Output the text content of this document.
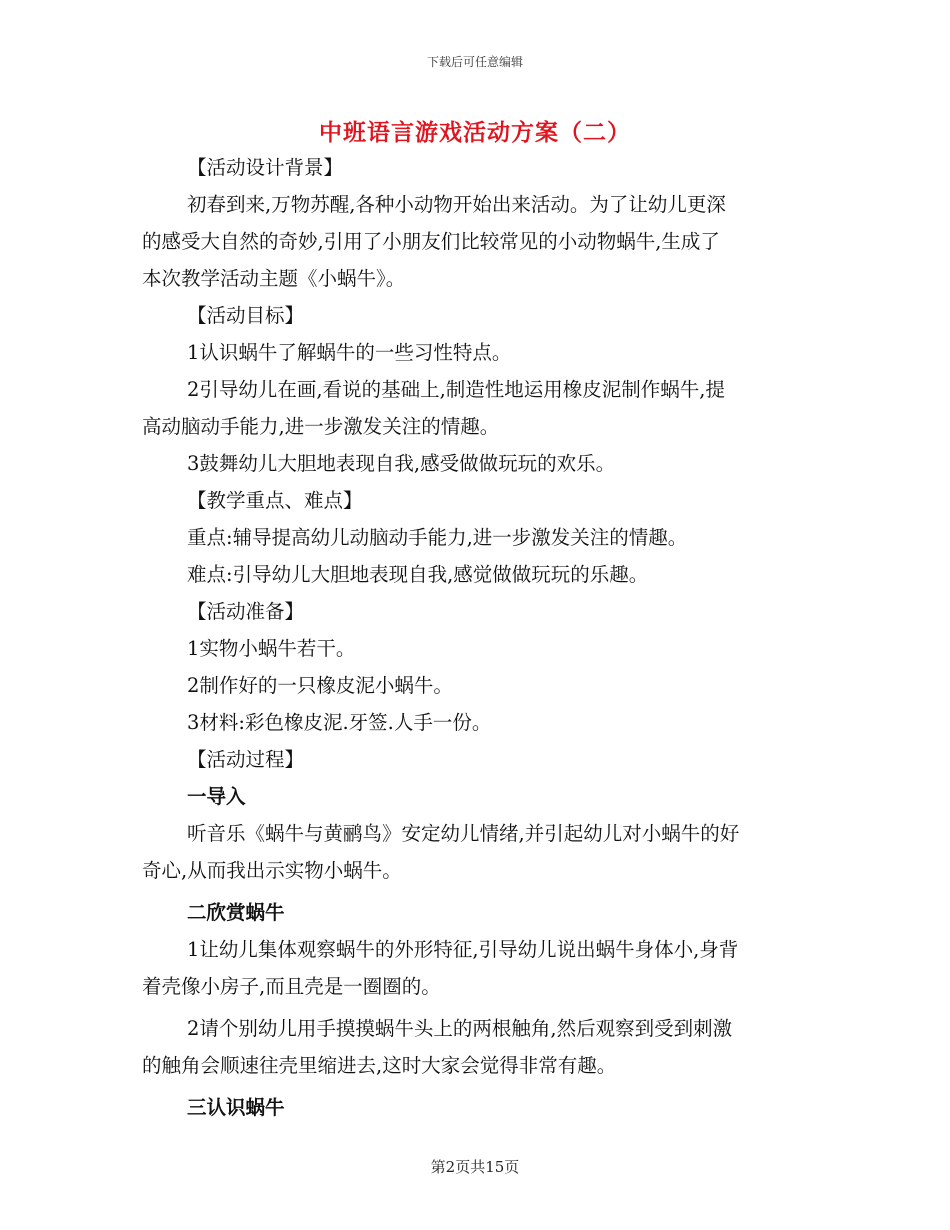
下载后可任意编辑
中班语言游戏活动方案（二）
【活动设计背景】
初春到来,万物苏醒,各种小动物开始出来活动。为了让幼儿更深
的感受大自然的奇妙,引用了小朋友们比较常见的小动物蜗牛,生成了
本次教学活动主题《小蜗牛》。
【活动目标】
1认识蜗牛了解蜗牛的一些习性特点。
2引导幼儿在画,看说的基础上,制造性地运用橡皮泥制作蜗牛,提
高动脑动手能力,进一步激发关注的情趣。
3鼓舞幼儿大胆地表现自我,感受做做玩玩的欢乐。
【教学重点、难点】
重点:辅导提高幼儿动脑动手能力,进一步激发关注的情趣。
难点:引导幼儿大胆地表现自我,感觉做做玩玩的乐趣。
【活动准备】
1实物小蜗牛若干。
2制作好的一只橡皮泥小蜗牛。
3材料:彩色橡皮泥.牙签.人手一份。
【活动过程】
一导入
听音乐《蜗牛与黄鹂鸟》安定幼儿情绪,并引起幼儿对小蜗牛的好
奇心,从而我出示实物小蜗牛。
二欣赏蜗牛
1让幼儿集体观察蜗牛的外形特征,引导幼儿说出蜗牛身体小,身背
着壳像小房子,而且壳是一圈圈的。
2请个别幼儿用手摸摸蜗牛头上的两根触角,然后观察到受到刺激
的触角会顺速往壳里缩进去,这时大家会觉得非常有趣。
三认识蜗牛
第2页共15页
